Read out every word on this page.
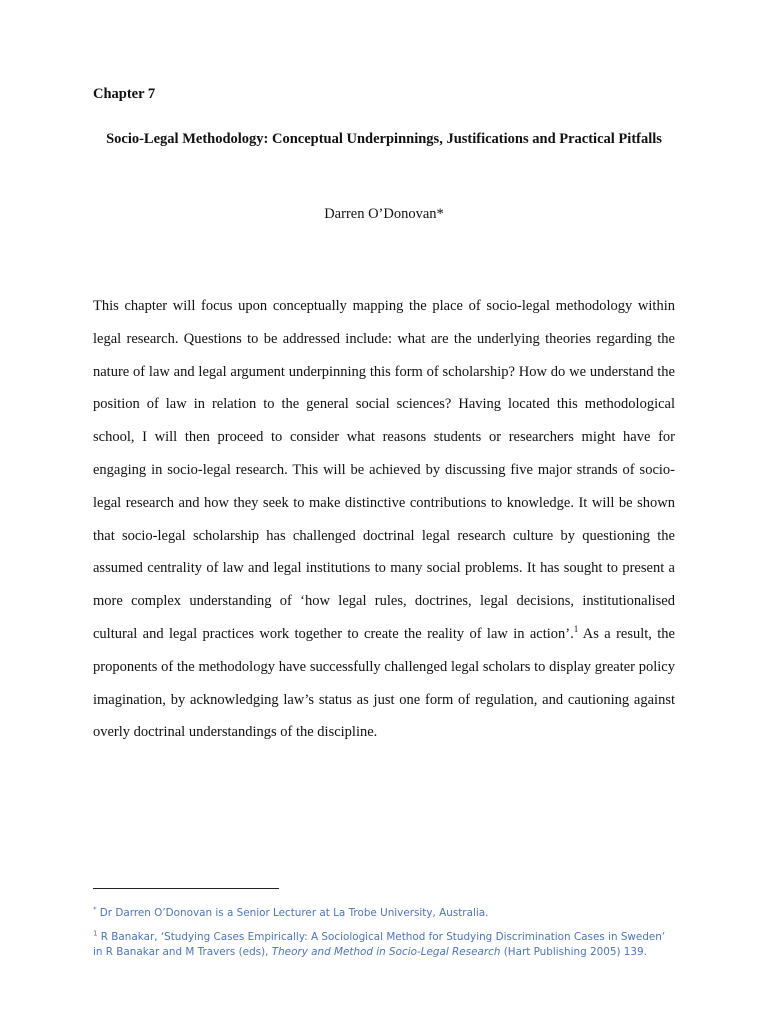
Chapter 7
Socio-Legal Methodology: Conceptual Underpinnings, Justifications and Practical Pitfalls
Darren O’Donovan*

This chapter will focus upon conceptually mapping the place of socio-legal methodology within legal research. Questions to be addressed include: what are the underlying theories regarding the nature of law and legal argument underpinning this form of scholarship? How do we understand the position of law in relation to the general social sciences? Having located this methodological school, I will then proceed to consider what reasons students or researchers might have for engaging in socio-legal research. This will be achieved by discussing five major strands of socio- legal research and how they seek to make distinctive contributions to knowledge. It will be shown that socio-legal scholarship has challenged doctrinal legal research culture by questioning the assumed centrality of law and legal institutions to many social problems. It has sought to present a more complex understanding of ‘how legal rules, doctrines, legal decisions, institutionalised cultural and legal practices work together to create the reality of law in action’.$^1$ As a result, the proponents of the methodology have successfully challenged legal scholars to display greater policy imagination, by acknowledging law’s status as just one form of regulation, and cautioning against overly doctrinal understandings of the discipline.

* Dr Darren O’Donovan is a Senior Lecturer at La Trobe University, Australia.

$^1$ R Banakar, ‘Studying Cases Empirically: A Sociological Method for Studying Discrimination Cases in Sweden’ in R Banakar and M Travers (eds), Theory and Method in Socio-Legal Research (Hart Publishing 2005) 139.
